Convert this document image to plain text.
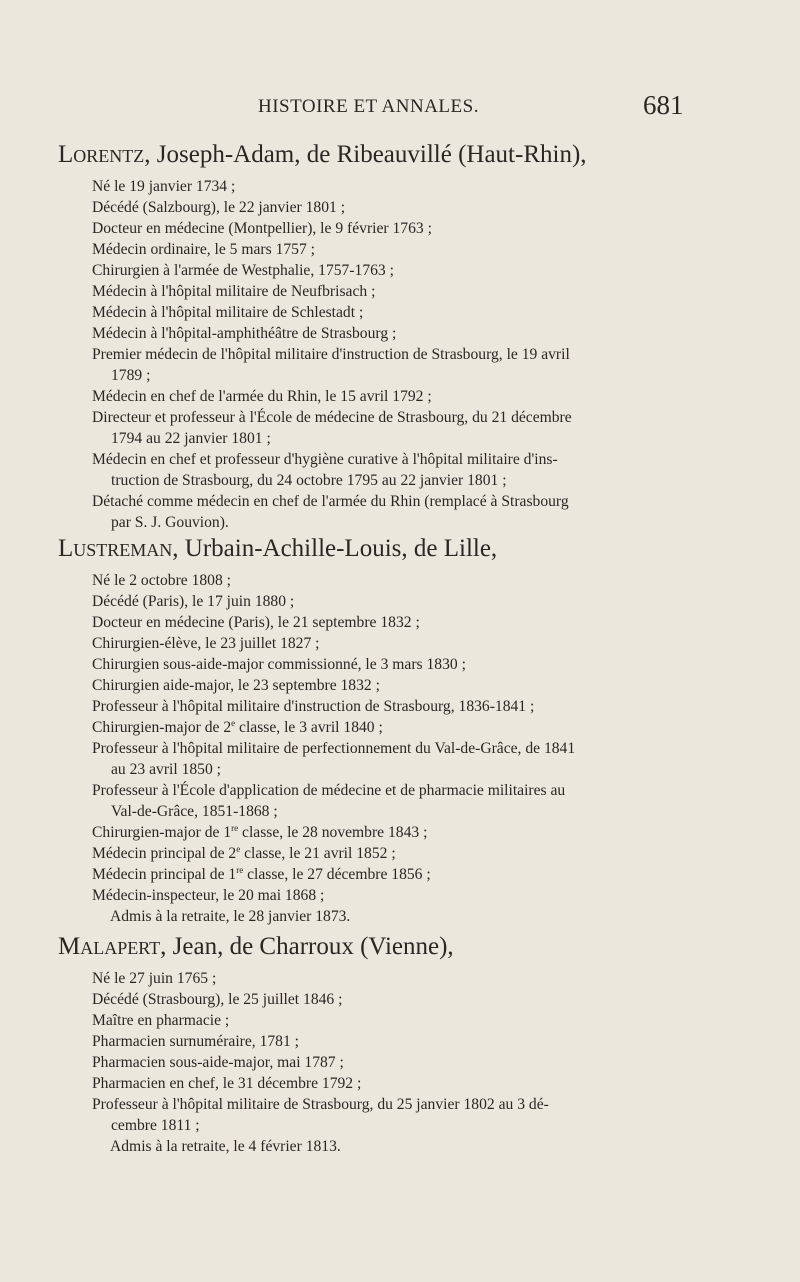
HISTOIRE ET ANNALES.	681
Lorentz, Joseph-Adam, de Ribeauvillé (Haut-Rhin),
Né le 19 janvier 1734 ;
Décédé (Salzbourg), le 22 janvier 1801 ;
Docteur en médecine (Montpellier), le 9 février 1763 ;
Médecin ordinaire, le 5 mars 1757 ;
Chirurgien à l'armée de Westphalie, 1757-1763 ;
Médecin à l'hôpital militaire de Neufbrisach ;
Médecin à l'hôpital militaire de Schlestadt ;
Médecin à l'hôpital-amphithéâtre de Strasbourg ;
Premier médecin de l'hôpital militaire d'instruction de Strasbourg, le 19 avril
1789 ;
Médecin en chef de l'armée du Rhin, le 15 avril 1792 ;
Directeur et professeur à l'École de médecine de Strasbourg, du 21 décembre
1794 au 22 janvier 1801 ;
Médecin en chef et professeur d'hygiène curative à l'hôpital militaire d'ins-
truction de Strasbourg, du 24 octobre 1795 au 22 janvier 1801 ;
Détaché comme médecin en chef de l'armée du Rhin (remplacé à Strasbourg
par S. J. Gouvion).
Lustreman, Urbain-Achille-Louis, de Lille,
Né le 2 octobre 1808 ;
Décédé (Paris), le 17 juin 1880 ;
Docteur en médecine (Paris), le 21 septembre 1832 ;
Chirurgien-élève, le 23 juillet 1827 ;
Chirurgien sous-aide-major commissionné, le 3 mars 1830 ;
Chirurgien aide-major, le 23 septembre 1832 ;
Professeur à l'hôpital militaire d'instruction de Strasbourg, 1836-1841 ;
Chirurgien-major de 2e classe, le 3 avril 1840 ;
Professeur à l'hôpital militaire de perfectionnement du Val-de-Grâce, de 1841
au 23 avril 1850 ;
Professeur à l'École d'application de médecine et de pharmacie militaires au
Val-de-Grâce, 1851-1868 ;
Chirurgien-major de 1re classe, le 28 novembre 1843 ;
Médecin principal de 2e classe, le 21 avril 1852 ;
Médecin principal de 1re classe, le 27 décembre 1856 ;
Médecin-inspecteur, le 20 mai 1868 ;
Admis à la retraite, le 28 janvier 1873.
Malapert, Jean, de Charroux (Vienne),
Né le 27 juin 1765 ;
Décédé (Strasbourg), le 25 juillet 1846 ;
Maître en pharmacie ;
Pharmacien surnuméraire, 1781 ;
Pharmacien sous-aide-major, mai 1787 ;
Pharmacien en chef, le 31 décembre 1792 ;
Professeur à l'hôpital militaire de Strasbourg, du 25 janvier 1802 au 3 dé-
cembre 1811 ;
Admis à la retraite, le 4 février 1813.
